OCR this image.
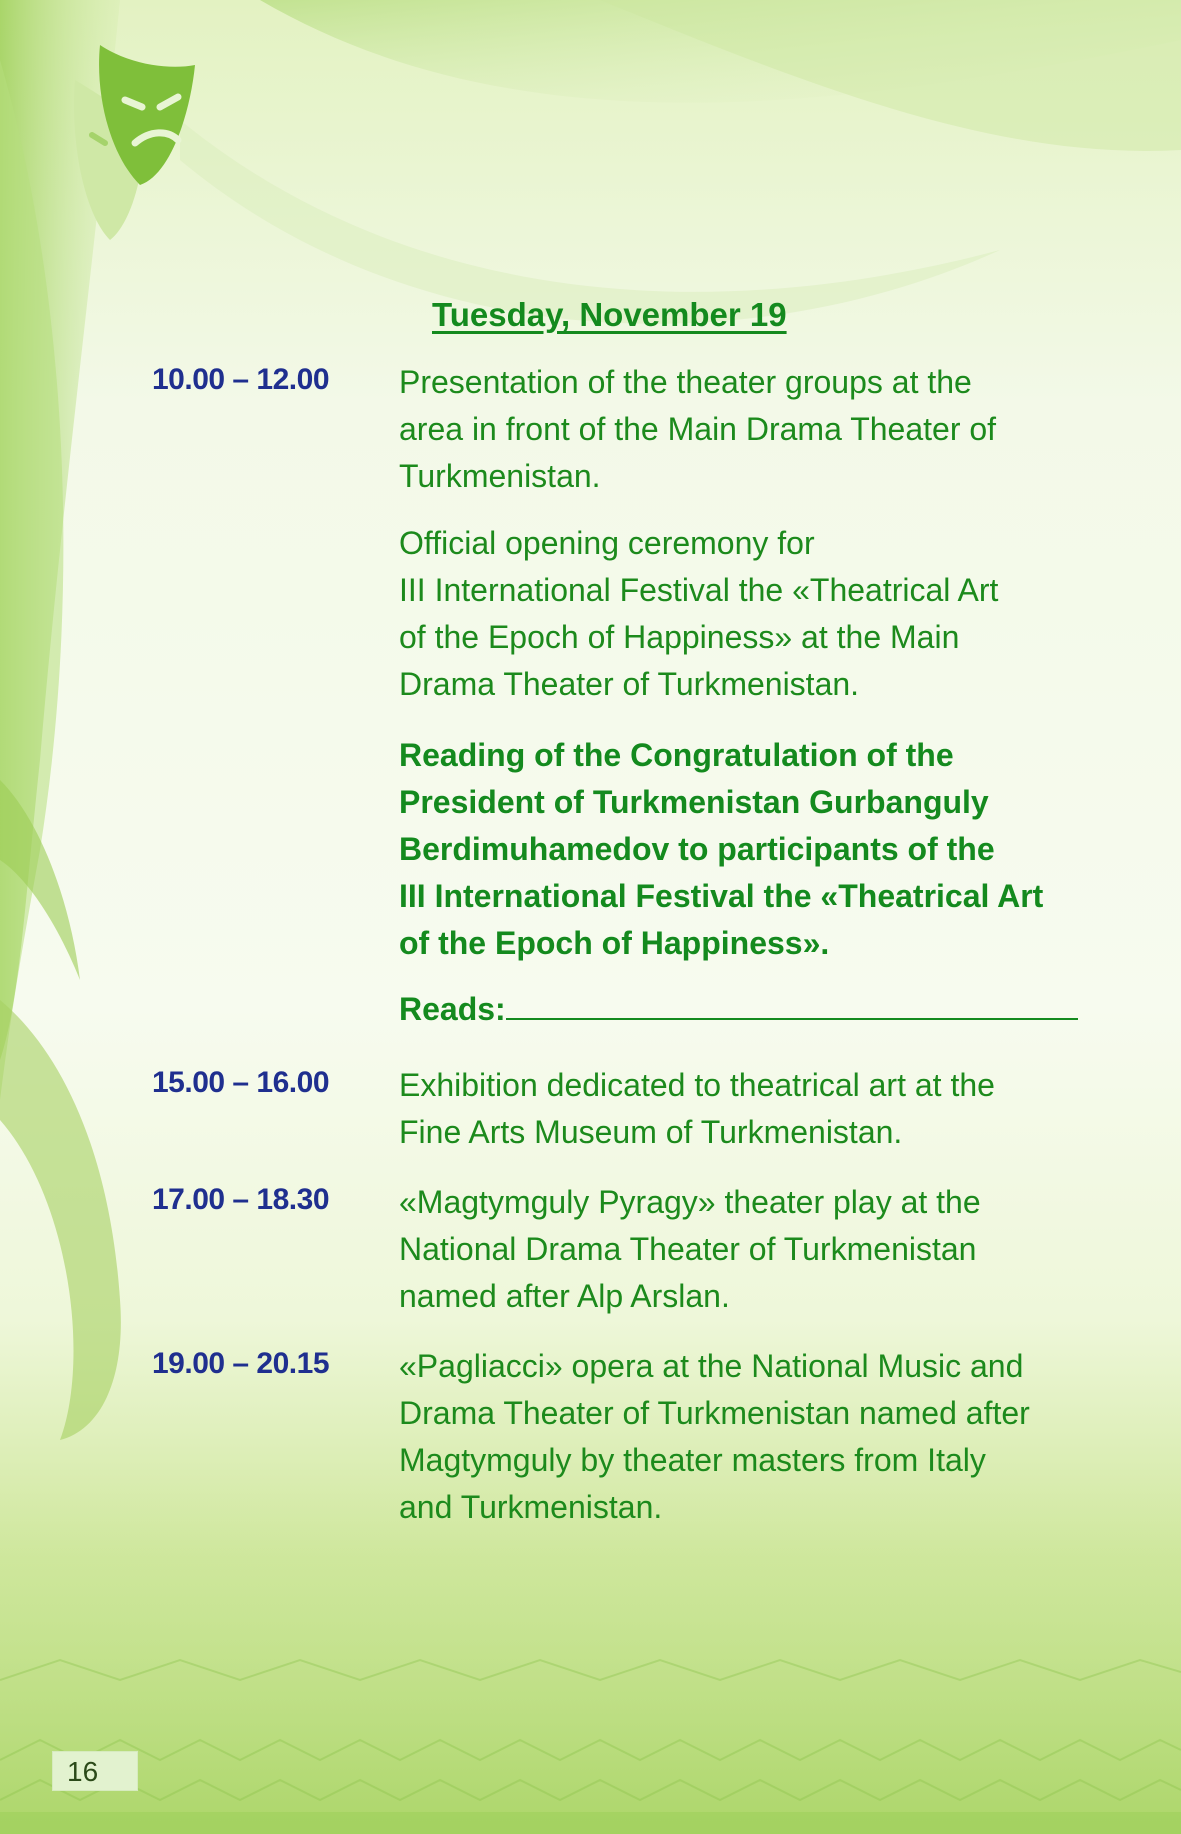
Tuesday, November 19
10.00 – 12.00 Presentation of the theater groups at the
area in front of the Main Drama Theater of
Turkmenistan.

Official opening ceremony for
III International Festival the «Theatrical Art
of the Epoch of Happiness» at the Main
Drama Theater of Turkmenistan.

Reading of the Congratulation of the
President of Turkmenistan Gurbanguly
Berdimuhamedov to participants of the
III International Festival the «Theatrical Art
of the Epoch of Happiness».

Reads:

15.00 – 16.00 Exhibition dedicated to theatrical art at the
Fine Arts Museum of Turkmenistan.

17.00 – 18.30 «Magtymguly Pyragy» theater play at the
National Drama Theater of Turkmenistan
named after Alp Arslan.

19.00 – 20.15 «Pagliacci» opera at the National Music and
Drama Theater of Turkmenistan named after
Magtymguly by theater masters from Italy
and Turkmenistan.

16
